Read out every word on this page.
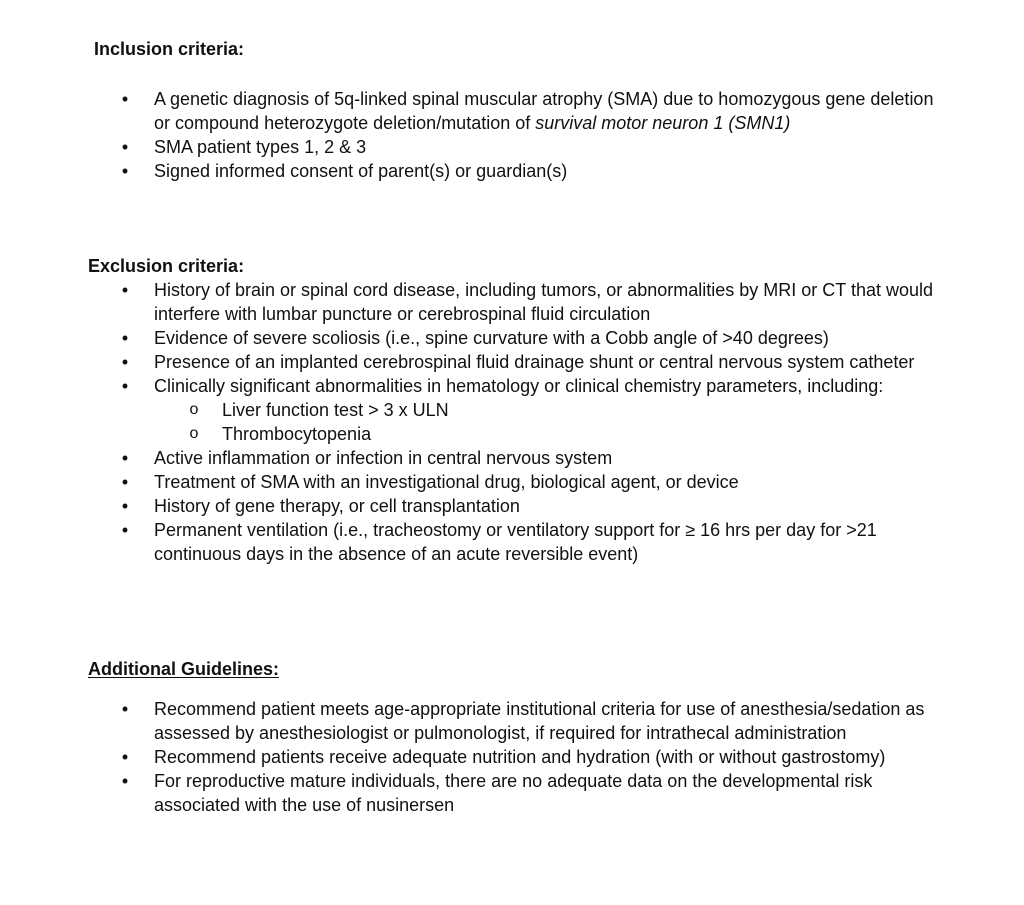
Inclusion criteria:
• A genetic diagnosis of 5q-linked spinal muscular atrophy (SMA) due to homozygous gene deletion or compound heterozygote deletion/mutation of survival motor neuron 1 (SMN1)
• SMA patient types 1, 2 & 3
• Signed informed consent of parent(s) or guardian(s)
Exclusion criteria:
• History of brain or spinal cord disease, including tumors, or abnormalities by MRI or CT that would interfere with lumbar puncture or cerebrospinal fluid circulation
• Evidence of severe scoliosis (i.e., spine curvature with a Cobb angle of >40 degrees)
• Presence of an implanted cerebrospinal fluid drainage shunt or central nervous system catheter
• Clinically significant abnormalities in hematology or clinical chemistry parameters, including:
o Liver function test > 3 x ULN
o Thrombocytopenia
• Active inflammation or infection in central nervous system
• Treatment of SMA with an investigational drug, biological agent, or device
• History of gene therapy, or cell transplantation
• Permanent ventilation (i.e., tracheostomy or ventilatory support for ≥ 16 hrs per day for >21 continuous days in the absence of an acute reversible event)
Additional Guidelines:
• Recommend patient meets age-appropriate institutional criteria for use of anesthesia/sedation as assessed by anesthesiologist or pulmonologist, if required for intrathecal administration
• Recommend patients receive adequate nutrition and hydration (with or without gastrostomy)
• For reproductive mature individuals, there are no adequate data on the developmental risk associated with the use of nusinersen
